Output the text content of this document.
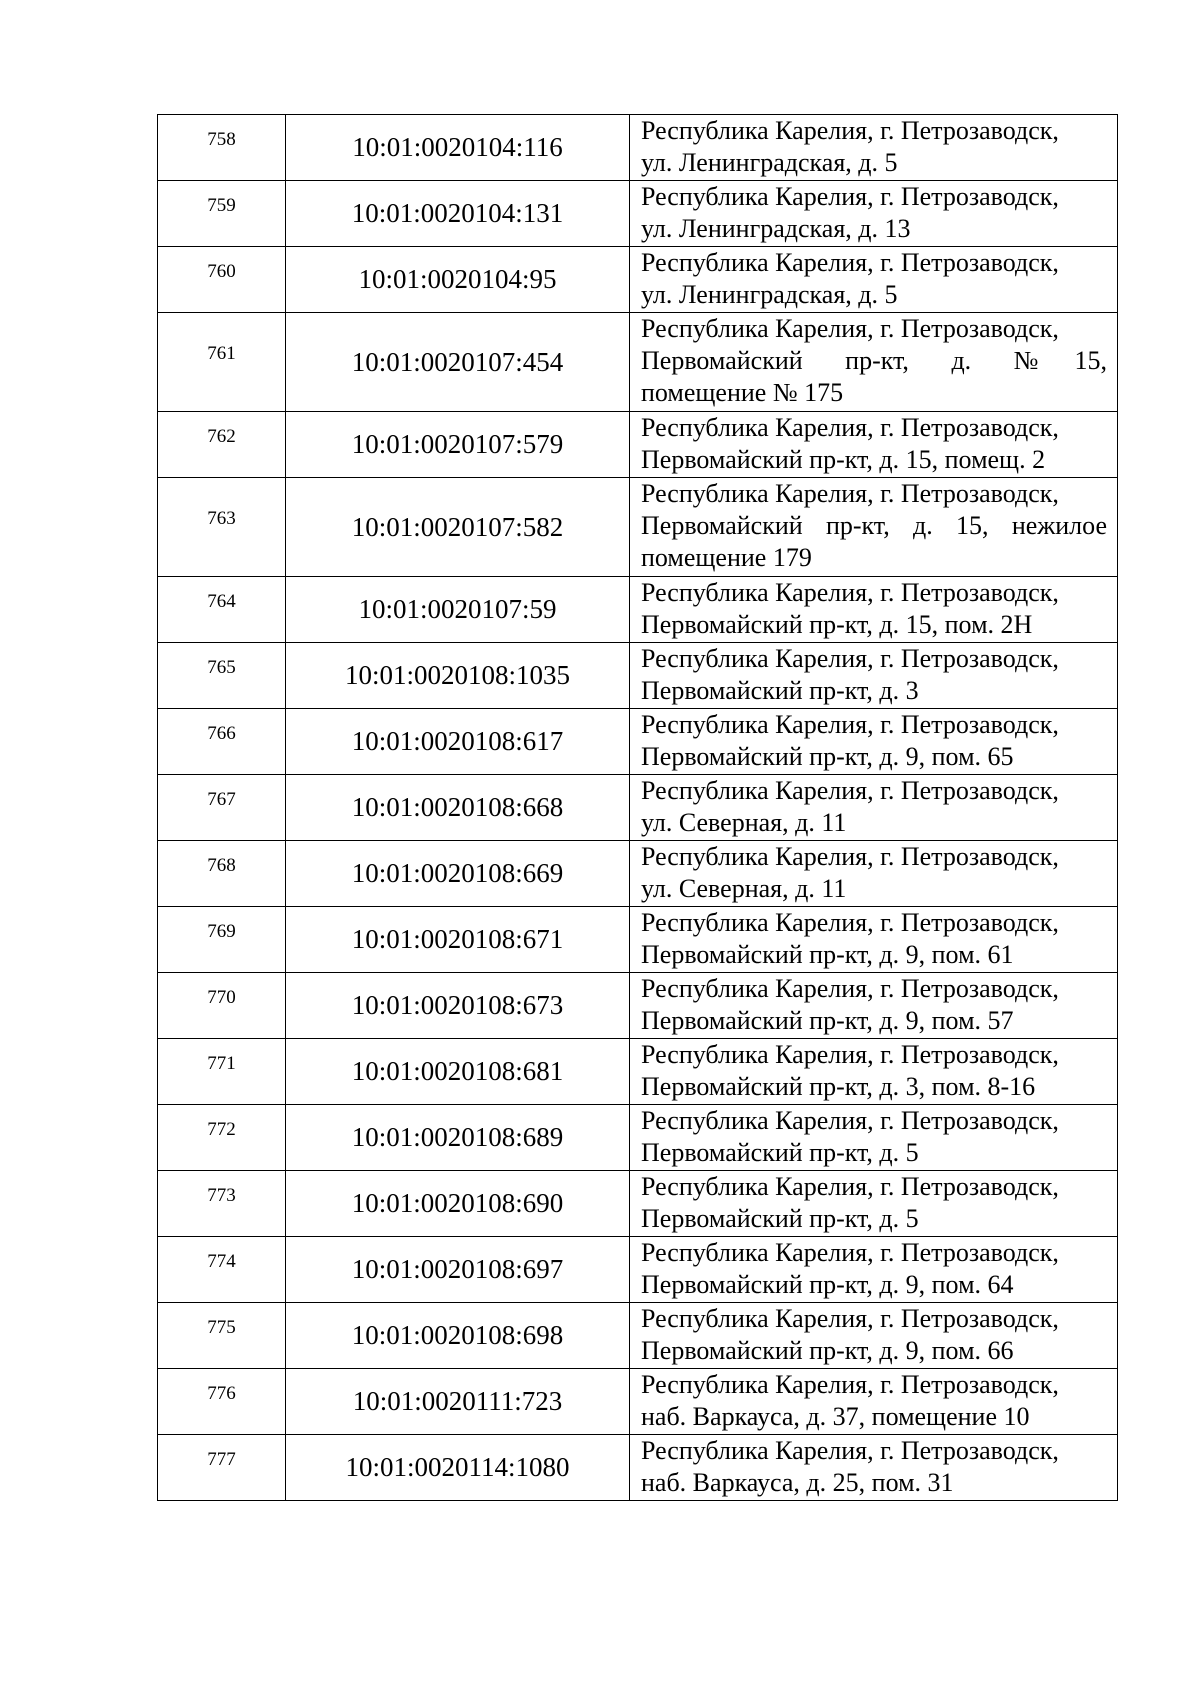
758	10:01:0020104:116	Республика Карелия, г. Петрозаводск,
ул. Ленинградская, д. 5

759	10:01:0020104:131	Республика Карелия, г. Петрозаводск,
ул. Ленинградская, д. 13

760	10:01:0020104:95	Республика Карелия, г. Петрозаводск,
ул. Ленинградская, д. 5

761	10:01:0020107:454	Республика Карелия, г. Петрозаводск,
Первомайский пр-кт, д. №15,
помещение № 175

762	10:01:0020107:579	Республика Карелия, г. Петрозаводск,
Первомайский пр-кт, д. 15, помещ. 2

763	10:01:0020107:582	Республика Карелия, г. Петрозаводск,
Первомайский пр-кт, д. 15, нежилое
помещение 179

764	10:01:0020107:59	Республика Карелия, г. Петрозаводск,
Первомайский пр-кт, д. 15, пом. 2Н

765	10:01:0020108:1035	Республика Карелия, г. Петрозаводск,
Первомайский пр-кт, д. 3

766	10:01:0020108:617	Республика Карелия, г. Петрозаводск,
Первомайский пр-кт, д. 9, пом. 65

767	10:01:0020108:668	Республика Карелия, г. Петрозаводск,
ул. Северная, д. 11

768	10:01:0020108:669	Республика Карелия, г. Петрозаводск,
ул. Северная, д. 11

769	10:01:0020108:671	Республика Карелия, г. Петрозаводск,
Первомайский пр-кт, д. 9, пом. 61

770	10:01:0020108:673	Республика Карелия, г. Петрозаводск,
Первомайский пр-кт, д. 9, пом. 57

771	10:01:0020108:681	Республика Карелия, г. Петрозаводск,
Первомайский пр-кт, д. 3, пом. 8-16

772	10:01:0020108:689	Республика Карелия, г. Петрозаводск,
Первомайский пр-кт, д. 5

773	10:01:0020108:690	Республика Карелия, г. Петрозаводск,
Первомайский пр-кт, д. 5

774	10:01:0020108:697	Республика Карелия, г. Петрозаводск,
Первомайский пр-кт, д. 9, пом. 64

775	10:01:0020108:698	Республика Карелия, г. Петрозаводск,
Первомайский пр-кт, д. 9, пом. 66

776	10:01:0020111:723	Республика Карелия, г. Петрозаводск,
наб. Варкауса, д. 37, помещение 10

777	10:01:0020114:1080	Республика Карелия, г. Петрозаводск,
наб. Варкауса, д. 25, пом. 31
